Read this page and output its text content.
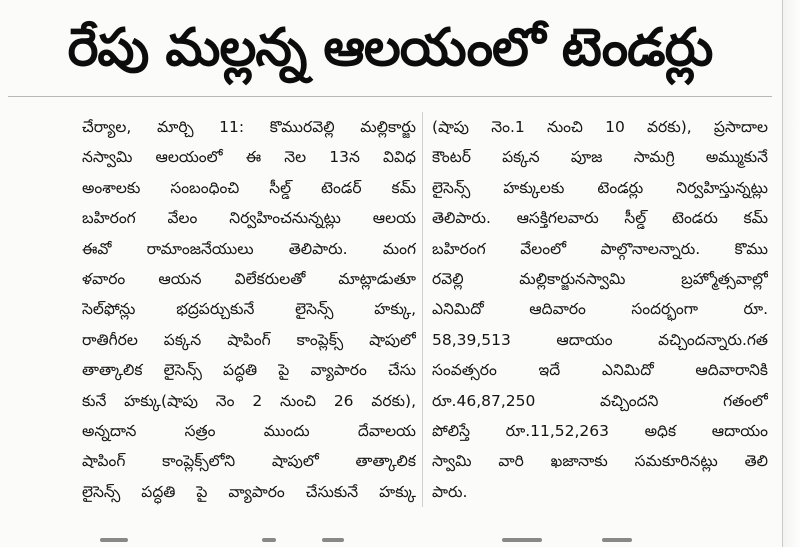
రేపు మల్లన్న ఆలయంలో టెండర్లు
చేర్యాల, మార్చి 11: కొమురవెల్లి మల్లికార్జు
నస్వామి ఆలయంలో ఈ నెల 13న వివిధ
అంశాలకు సంబంధించి సీల్డ్ టెండర్ కమ్
బహిరంగ వేలం నిర్వహించనున్నట్లు ఆలయ
ఈవో రామాంజనేయులు తెలిపారు. మంగ
ళవారం ఆయన విలేకరులతో మాట్లాడుతూ
సెల్‌ఫోన్లు భద్రపర్చుకునే లైసెన్స్ హక్కు,
రాతిగీరల పక్కన షాపింగ్ కాంప్లెక్స్ షాపులో
తాత్కాలిక లైసెన్స్ పద్ధతి పై వ్యాపారం చేసు
కునే హక్కు(షాపు నెం 2 నుంచి 26 వరకు),
అన్నదాన సత్రం ముందు దేవాలయ
షాపింగ్ కాంప్లెక్స్‌లోని షాపులో తాత్కాలిక
లైసెన్స్ పద్ధతి పై వ్యాపారం చేసుకునే హక్కు
(షాపు నెం.1 నుంచి 10 వరకు), ప్రసాదాల
కౌంటర్ పక్కన పూజ సామగ్రి అమ్ముకునే
లైసెన్స్ హక్కులకు టెండర్లు నిర్వహిస్తున్నట్లు
తెలిపారు. ఆసక్తిగలవారు సీల్డ్ టెండరు కమ్
బహిరంగ వేలంలో పాల్గొనాలన్నారు. కొము
రవెల్లి మల్లికార్జునస్వామి బ్రహ్మోత్సవాల్లో
ఎనిమిదో ఆదివారం సందర్భంగా రూ.
58,39,513 ఆదాయం వచ్చిందన్నారు.గత
సంవత్సరం ఇదే ఎనిమిదో ఆదివారానికి
రూ.46,87,250 వచ్చిందని గతంలో
పోలిస్తే రూ.11,52,263 అధిక ఆదాయం
స్వామి వారి ఖజానాకు సమకూరినట్లు తెలి
పారు.
